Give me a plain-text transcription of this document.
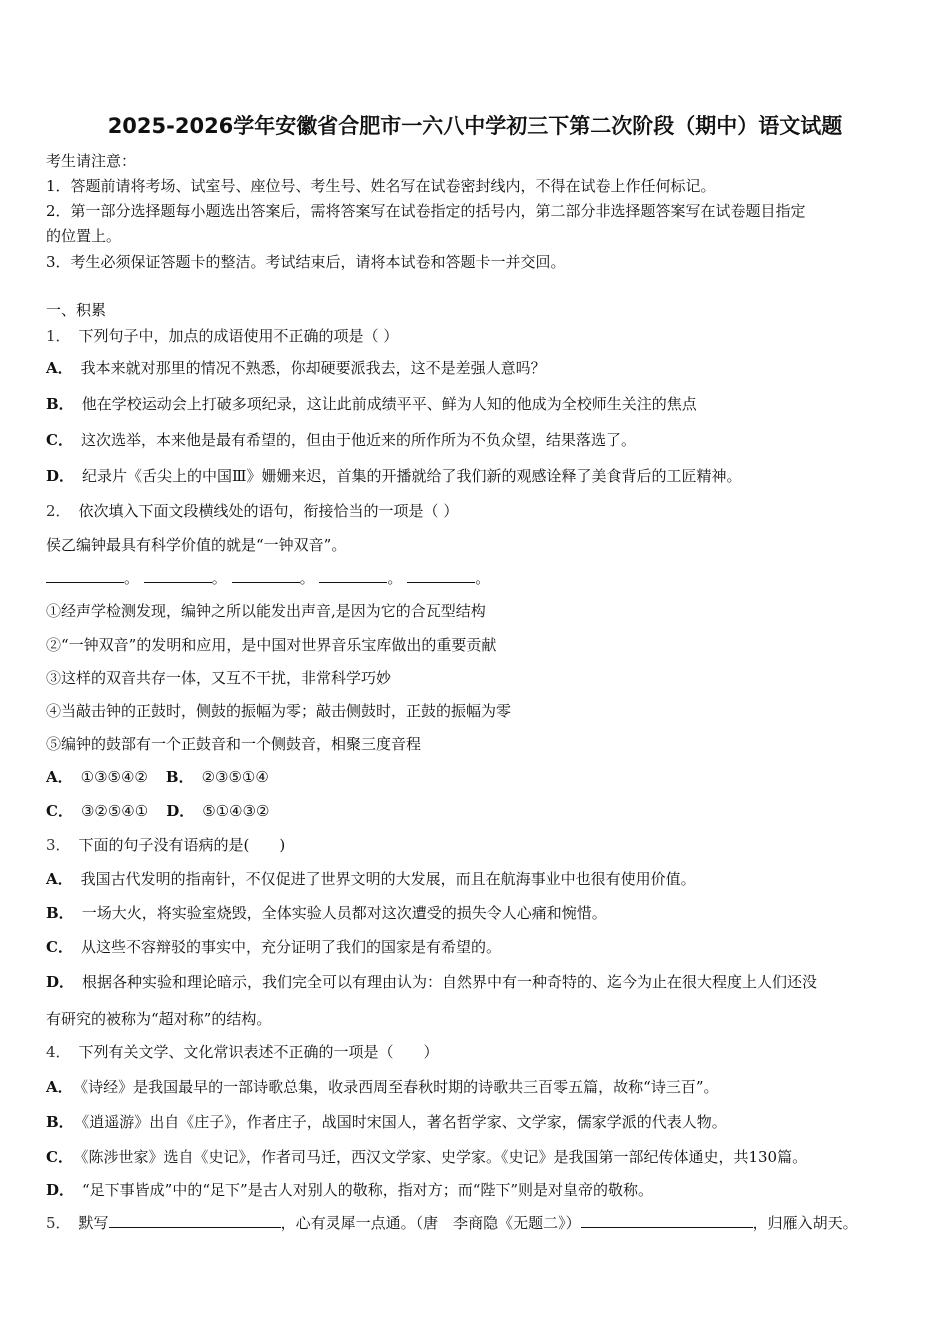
2025-2026学年安徽省合肥市一六八中学初三下第二次阶段（期中）语文试题
考生请注意：
1．答题前请将考场、试室号、座位号、考生号、姓名写在试卷密封线内，不得在试卷上作任何标记。
2．第一部分选择题每小题选出答案后，需将答案写在试卷指定的括号内，第二部分非选择题答案写在试卷题目指定
的位置上。
3．考生必须保证答题卡的整洁。考试结束后，请将本试卷和答题卡一并交回。
一、积累
1． 下列句子中，加点的成语使用不正确的项是（ ）
A． 我本来就对那里的情况不熟悉，你却硬要派我去，这不是差强人意吗？
B． 他在学校运动会上打破多项纪录，这让此前成绩平平、鲜为人知的他成为全校师生关注的焦点
C． 这次选举，本来他是最有希望的，但由于他近来的所作所为不负众望，结果落选了。
D． 纪录片《舌尖上的中国Ⅲ》姗姗来迟，首集的开播就给了我们新的观感诠释了美食背后的工匠精神。
2． 依次填入下面文段横线处的语句，衔接恰当的一项是（ ）
侯乙编钟最具有科学价值的就是“一钟双音”。
。	。	。	。	。
①经声学检测发现，编钟之所以能发出声音,是因为它的合瓦型结构
②“一钟双音”的发明和应用，是中国对世界音乐宝库做出的重要贡献
③这样的双音共存一体，又互不干扰，非常科学巧妙
④当敲击钟的正鼓时，侧鼓的振幅为零；敲击侧鼓时，正鼓的振幅为零
⑤编钟的鼓部有一个正鼓音和一个侧鼓音，相聚三度音程
A． ①③⑤④② B． ②③⑤①④
C． ③②⑤④① D． ⑤①④③②
3． 下面的句子没有语病的是(　　)
A． 我国古代发明的指南针，不仅促进了世界文明的大发展，而且在航海事业中也很有使用价值。
B． 一场大火，将实验室烧毁，全体实验人员都对这次遭受的损失令人心痛和惋惜。
C． 从这些不容辩驳的事实中，充分证明了我们的国家是有希望的。
D． 根据各种实验和理论暗示，我们完全可以有理由认为：自然界中有一种奇特的、迄今为止在很大程度上人们还没
有研究的被称为“超对称”的结构。
4． 下列有关文学、文化常识表述不正确的一项是（　　）
A． 《诗经》是我国最早的一部诗歌总集，收录西周至春秋时期的诗歌共三百零五篇，故称“诗三百”。
B． 《逍遥游》出自《庄子》，作者庄子，战国时宋国人，著名哲学家、文学家，儒家学派的代表人物。
C． 《陈涉世家》选自《史记》，作者司马迁，西汉文学家、史学家。《史记》是我国第一部纪传体通史，共130篇。
D． “足下事皆成”中的“足下”是古人对别人的敬称，指对方；而“陛下”则是对皇帝的敬称。
5． 默写	，心有灵犀一点通。（唐　李商隐《无题二》）	，归雁入胡天。
